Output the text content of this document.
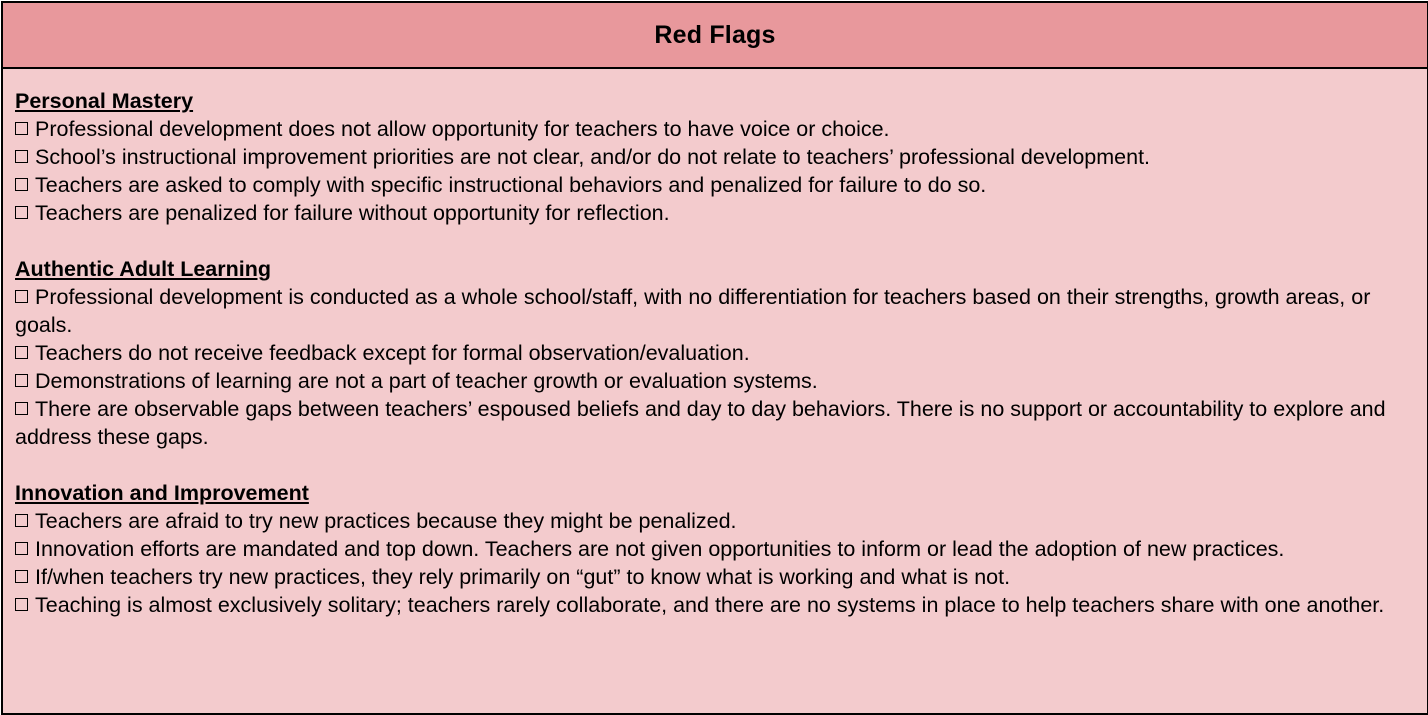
Red Flags
Personal Mastery
Professional development does not allow opportunity for teachers to have voice or choice.
School’s instructional improvement priorities are not clear, and/or do not relate to teachers’ professional development.
Teachers are asked to comply with specific instructional behaviors and penalized for failure to do so.
Teachers are penalized for failure without opportunity for reflection.
Authentic Adult Learning
Professional development is conducted as a whole school/staff, with no differentiation for teachers based on their strengths, growth areas, or goals.
Teachers do not receive feedback except for formal observation/evaluation.
Demonstrations of learning are not a part of teacher growth or evaluation systems.
There are observable gaps between teachers’ espoused beliefs and day to day behaviors. There is no support or accountability to explore and address these gaps.
Innovation and Improvement
Teachers are afraid to try new practices because they might be penalized.
Innovation efforts are mandated and top down. Teachers are not given opportunities to inform or lead the adoption of new practices.
If/when teachers try new practices, they rely primarily on “gut” to know what is working and what is not.
Teaching is almost exclusively solitary; teachers rarely collaborate, and there are no systems in place to help teachers share with one another.
